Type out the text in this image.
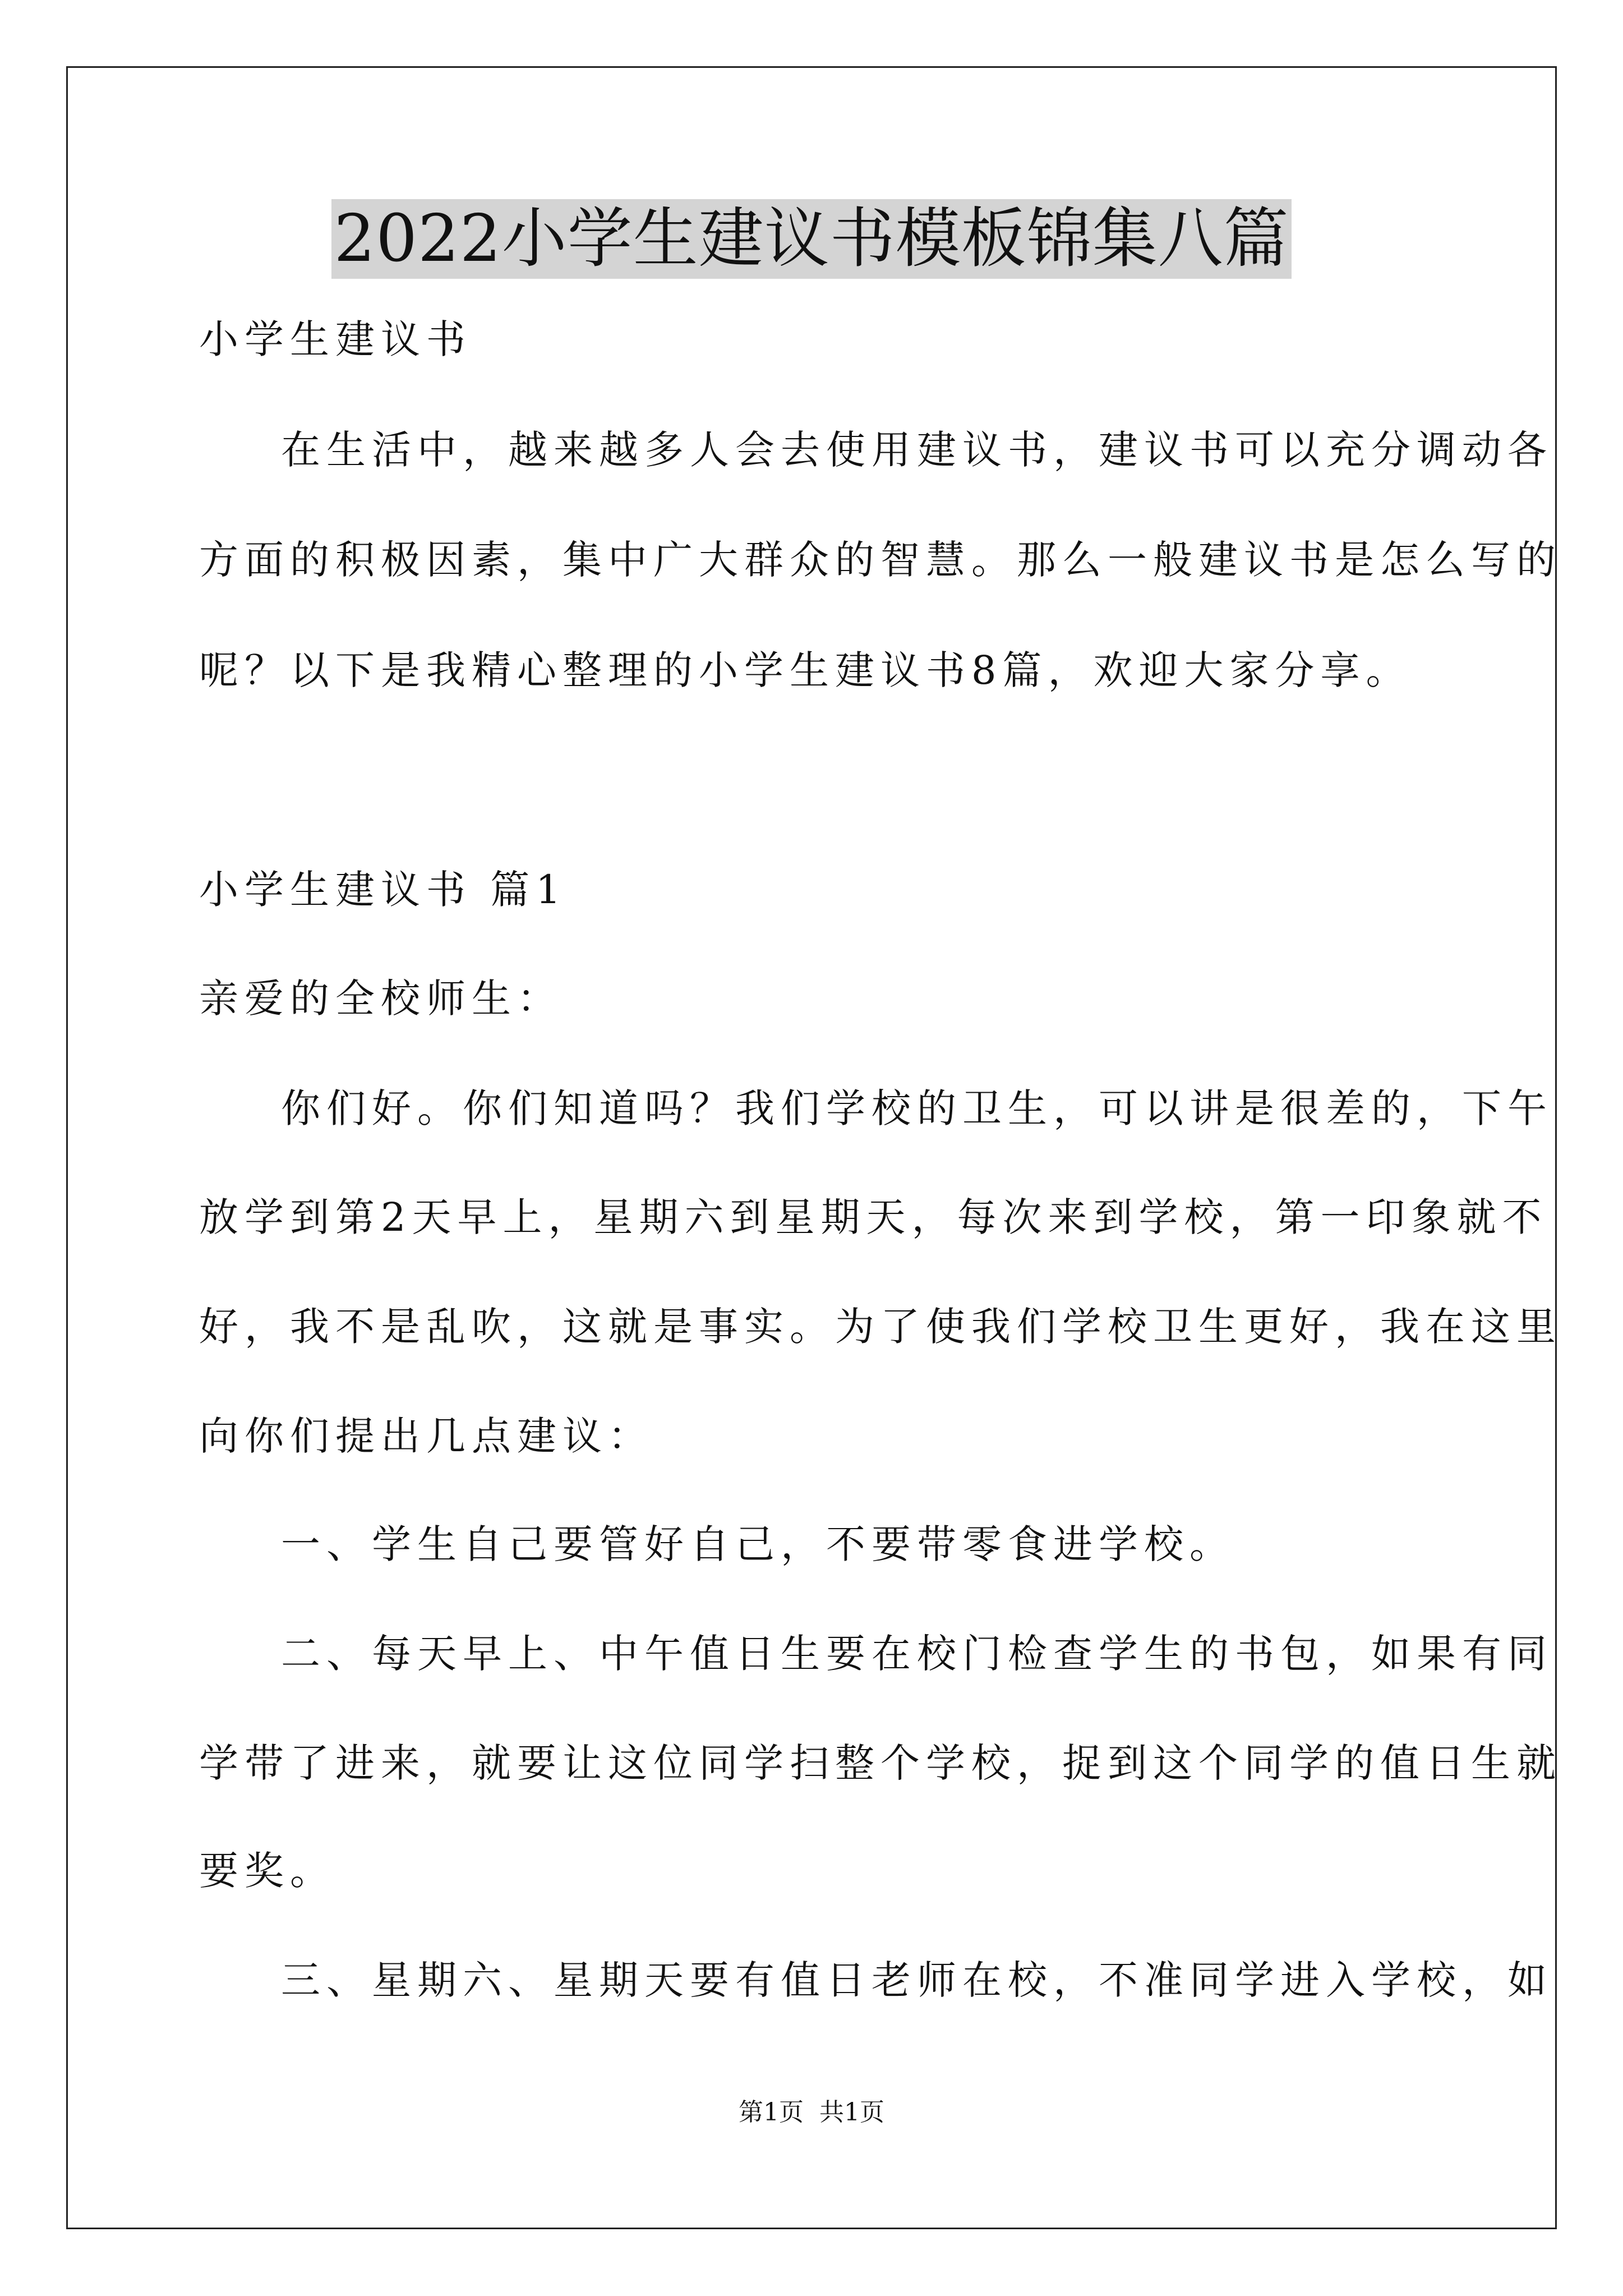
2022小学生建议书模板锦集八篇
小学生建议书
在生活中，越来越多人会去使用建议书，建议书可以充分调动各
方面的积极因素，集中广大群众的智慧。那么一般建议书是怎么写的
呢？以下是我精心整理的小学生建议书8篇，欢迎大家分享。
小学生建议书 篇1
亲爱的全校师生：
你们好。你们知道吗？我们学校的卫生，可以讲是很差的，下午
放学到第2天早上，星期六到星期天，每次来到学校，第一印象就不
好，我不是乱吹，这就是事实。为了使我们学校卫生更好，我在这里
向你们提出几点建议：
一、学生自己要管好自己，不要带零食进学校。
二、每天早上、中午值日生要在校门检查学生的书包，如果有同
学带了进来，就要让这位同学扫整个学校，捉到这个同学的值日生就
要奖。
三、星期六、星期天要有值日老师在校，不准同学进入学校，如
第1页 共1页
